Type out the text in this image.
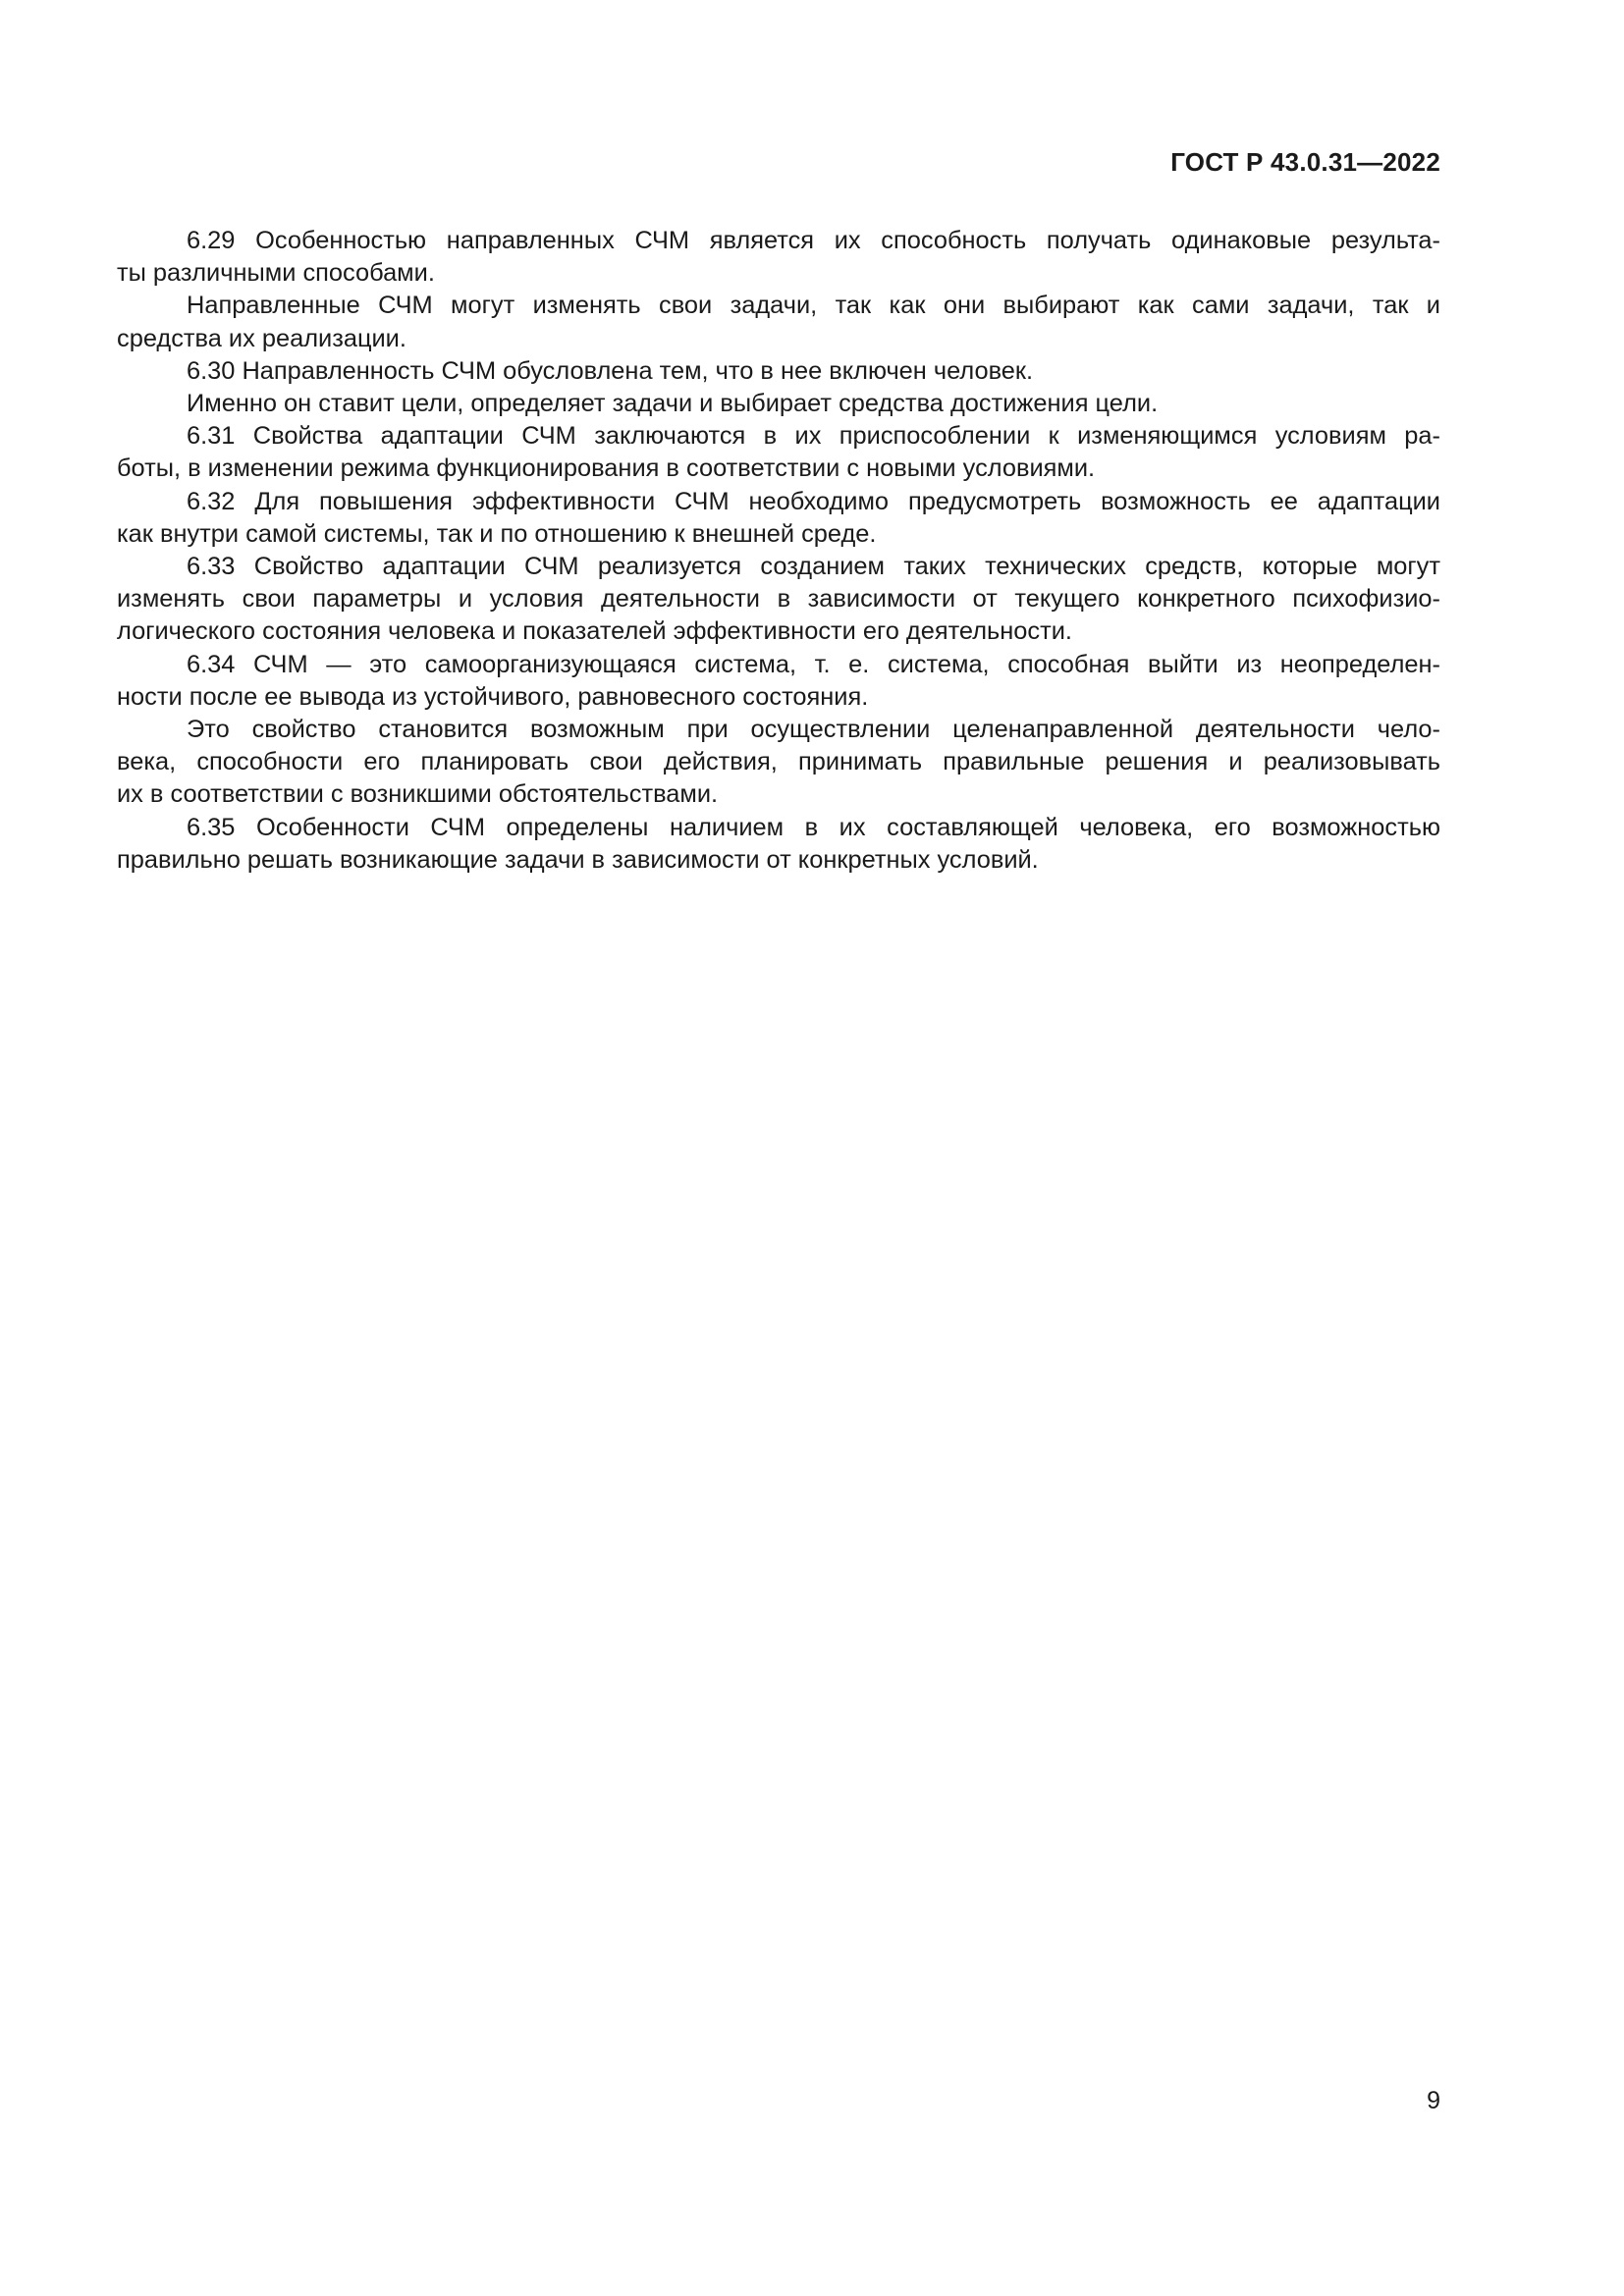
ГОСТ Р 43.0.31—2022

6.29 Особенностью направленных СЧМ является их способность получать одинаковые результа-
ты различными способами.

Направленные СЧМ могут изменять свои задачи, так как они выбирают как сами задачи, так и
средства их реализации.

6.30 Направленность СЧМ обусловлена тем, что в нее включен человек.

Именно он ставит цели, определяет задачи и выбирает средства достижения цели.

6.31 Свойства адаптации СЧМ заключаются в их приспособлении к изменяющимся условиям ра-
боты, в изменении режима функционирования в соответствии с новыми условиями.

6.32 Для повышения эффективности СЧМ необходимо предусмотреть возможность ее адаптации
как внутри самой системы, так и по отношению к внешней среде.

6.33 Свойство адаптации СЧМ реализуется созданием таких технических средств, которые могут
изменять свои параметры и условия деятельности в зависимости от текущего конкретного психофизио-
логического состояния человека и показателей эффективности его деятельности.

6.34 СЧМ — это самоорганизующаяся система, т. е. система, способная выйти из неопределен-
ности после ее вывода из устойчивого, равновесного состояния.

Это свойство становится возможным при осуществлении целенаправленной деятельности чело-
века, способности его планировать свои действия, принимать правильные решения и реализовывать
их в соответствии с возникшими обстоятельствами.

6.35 Особенности СЧМ определены наличием в их составляющей человека, его возможностью
правильно решать возникающие задачи в зависимости от конкретных условий.

9
